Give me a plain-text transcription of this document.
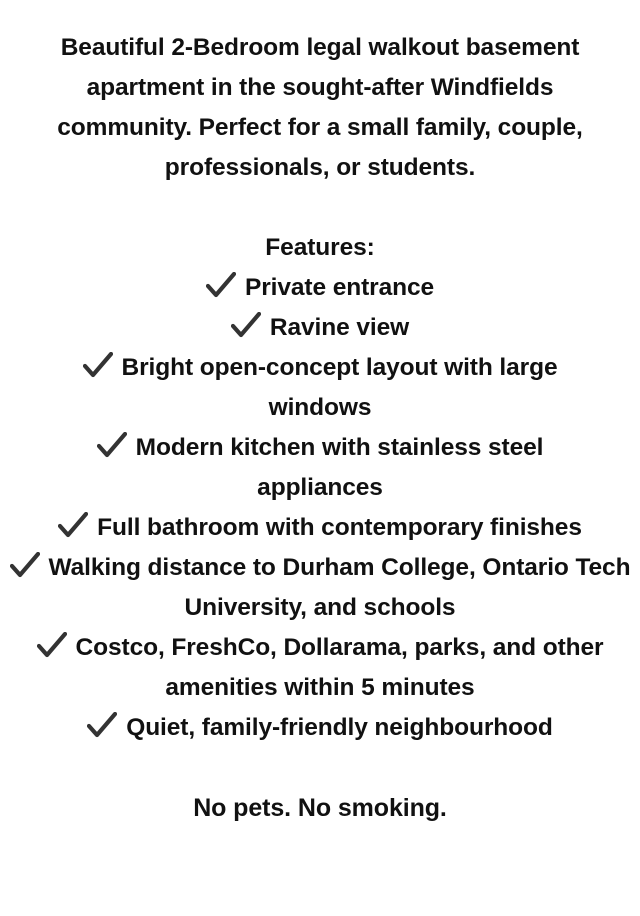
Beautiful 2-Bedroom legal walkout basement apartment in the sought-after Windfields community. Perfect for a small family, couple, professionals, or students.
Features:
Private entrance
Ravine view
Bright open-concept layout with large windows
Modern kitchen with stainless steel appliances
Full bathroom with contemporary finishes
Walking distance to Durham College, Ontario Tech University, and schools
Costco, FreshCo, Dollarama, parks, and other amenities within 5 minutes
Quiet, family-friendly neighbourhood
No pets. No smoking.
